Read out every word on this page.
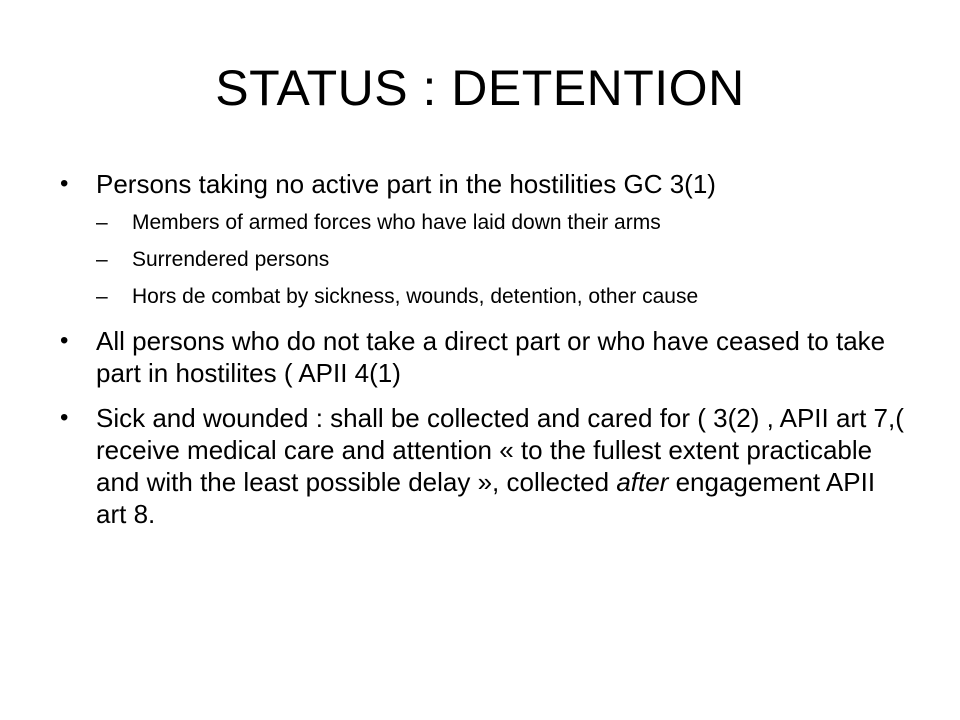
STATUS : DETENTION
•	Persons taking no active part in the hostilities GC 3(1)
–	Members of armed forces who have laid down their arms
–	Surrendered persons
–	Hors de combat by sickness, wounds, detention, other cause
•	All persons who do not take a direct part or who have ceased to take part in hostilites ( APII 4(1)
•	Sick and wounded : shall be collected and cared for ( 3(2) , APII art 7,( receive medical care and attention « to the fullest extent practicable and with the least possible delay », collected after engagement APII art 8.
